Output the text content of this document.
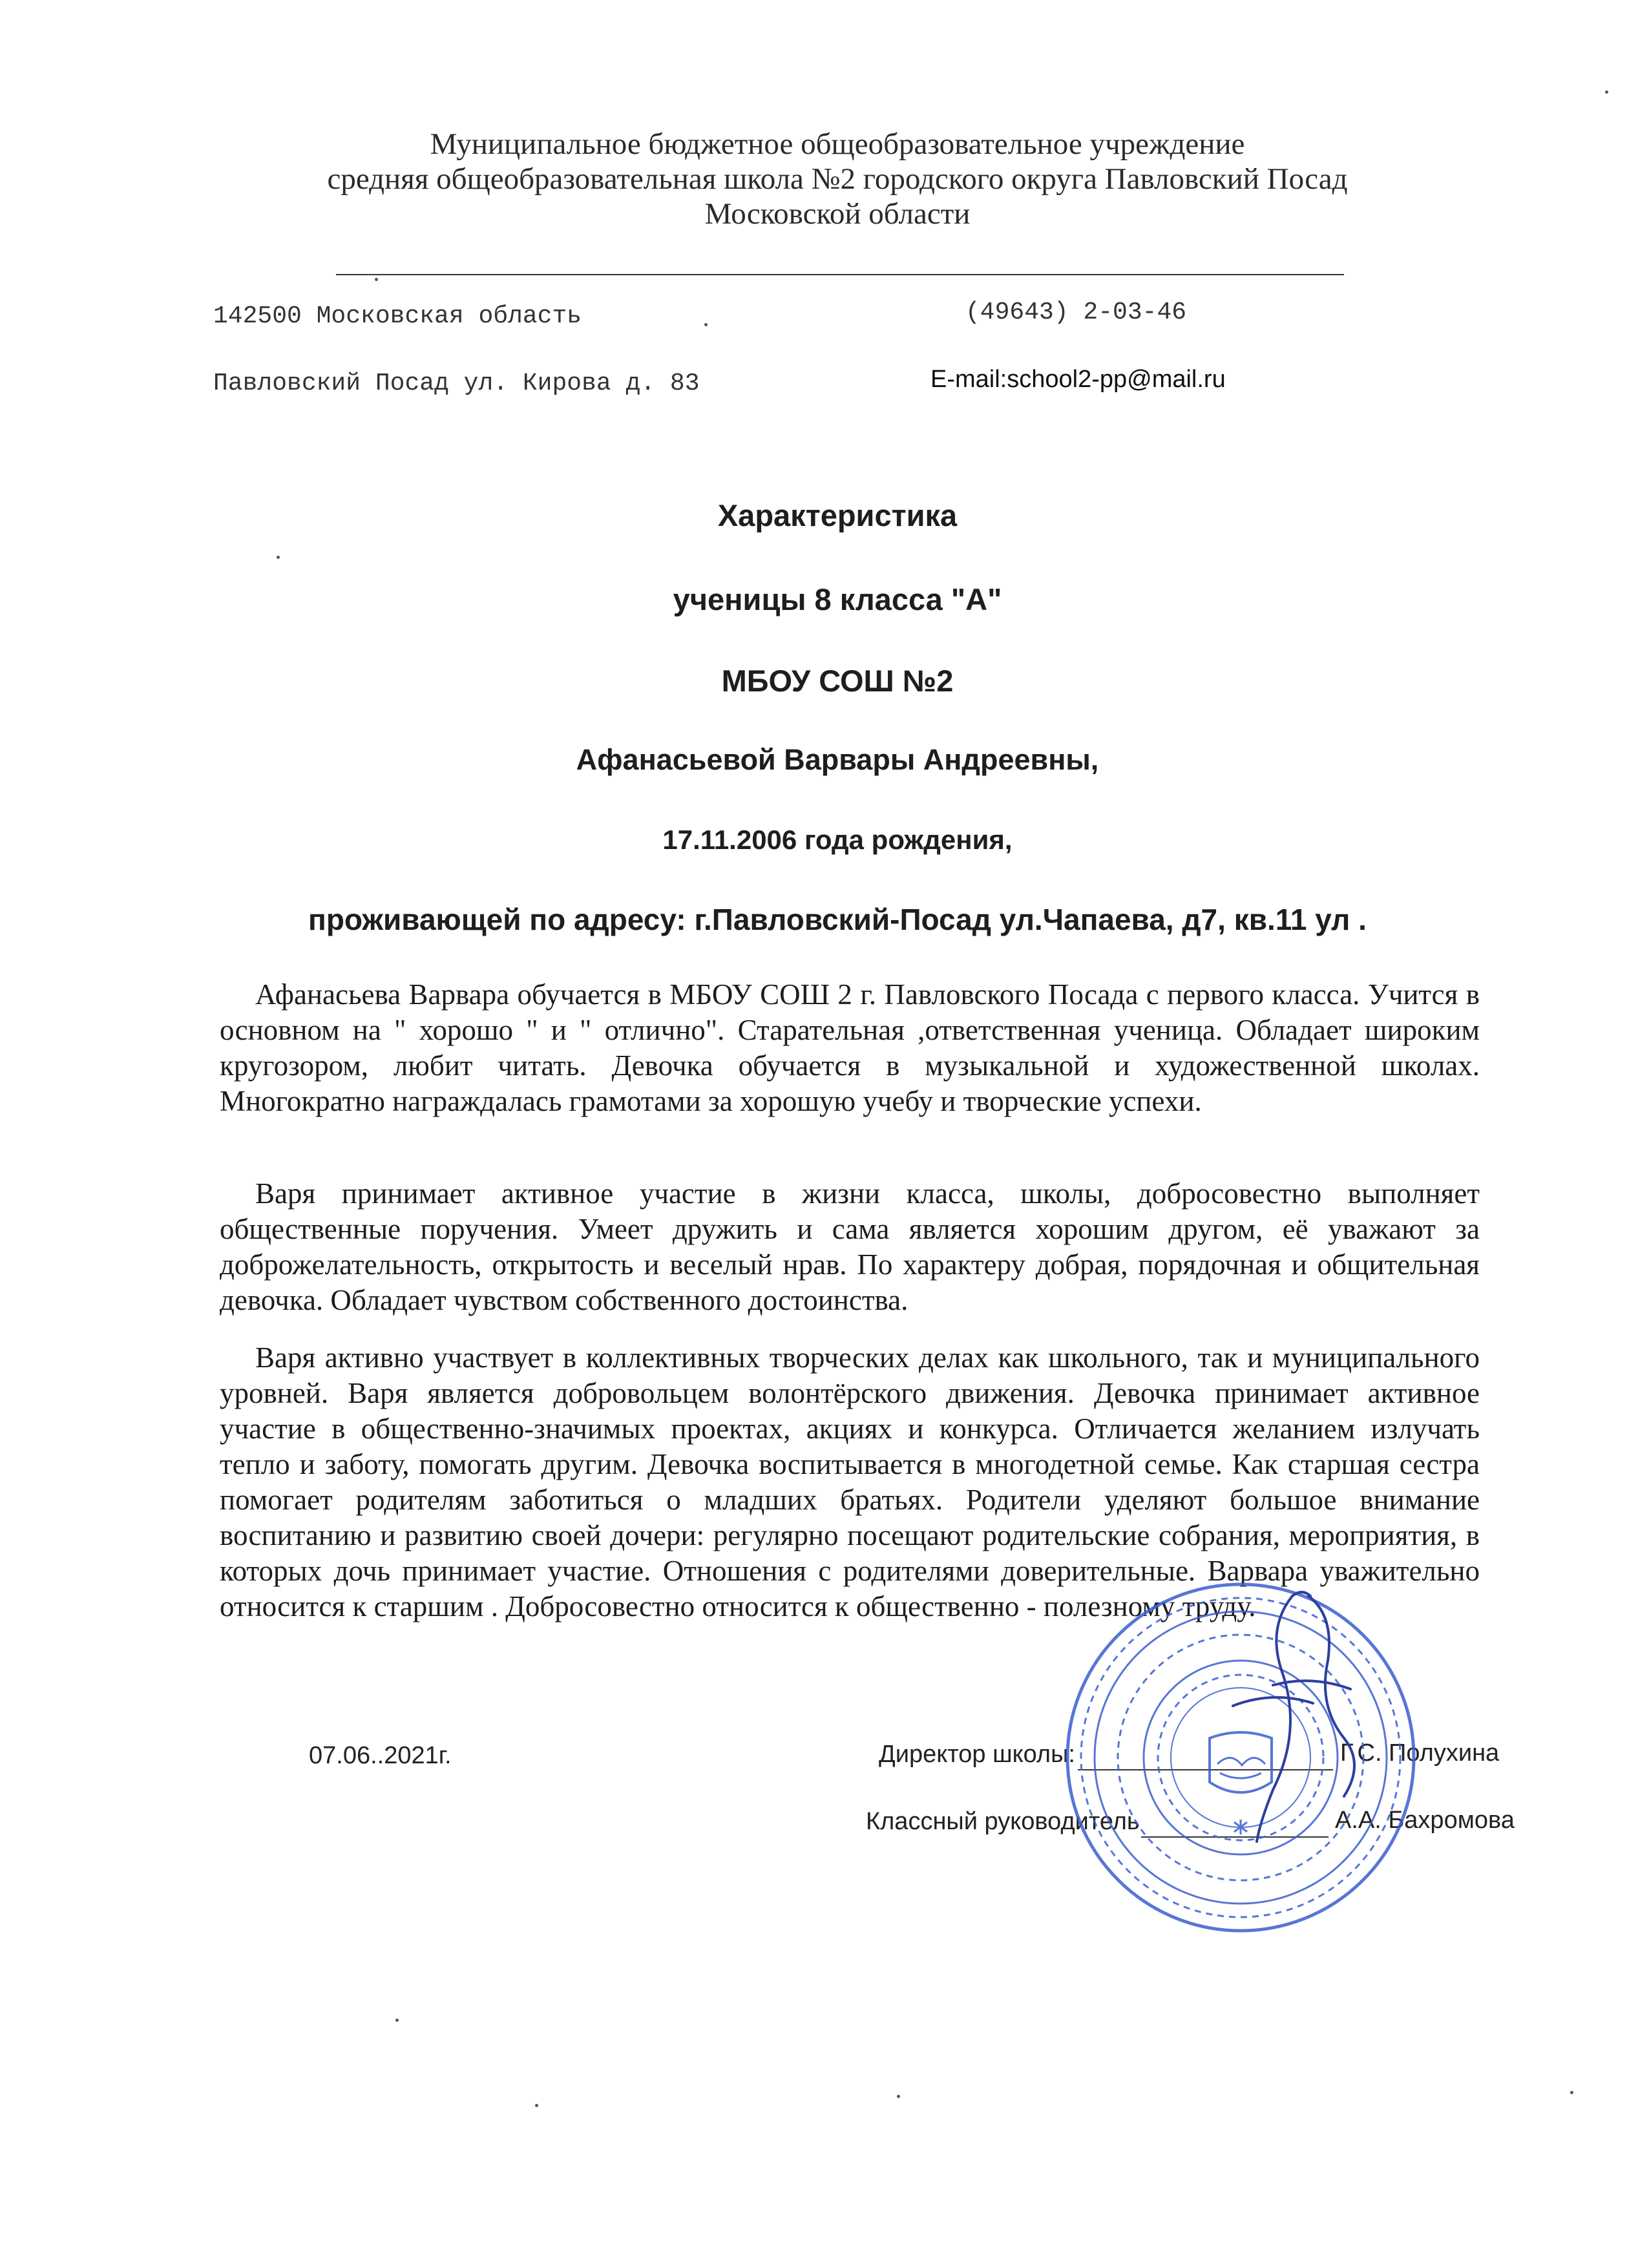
Муниципальное бюджетное общеобразовательное учреждение
средняя общеобразовательная школа №2 городского округа Павловский Посад
Московской области
142500 Московская область	(49643) 2-03-46
Павловский Посад ул. Кирова д. 83	E-mail:school2-pp@mail.ru
Характеристика
ученицы 8 класса "А"
МБОУ СОШ №2
Афанасьевой Варвары Андреевны,
17.11.2006 года рождения,
проживающей по адресу: г.Павловский-Посад ул.Чапаева, д7, кв.11 ул .

Афанасьева Варвара обучается в МБОУ СОШ 2 г. Павловского Посада с первого класса. Учится в основном на " хорошо " и " отлично". Старательная ,ответственная ученица. Обладает широким кругозором, любит читать. Девочка обучается в музыкальной и художественной школах. Многократно награждалась грамотами за хорошую учебу и творческие успехи.

Варя принимает активное участие в жизни класса, школы, добросовестно выполняет общественные поручения. Умеет дружить и сама является хорошим другом, её уважают за доброжелательность, открытость и веселый нрав. По характеру добрая, порядочная и общительная девочка. Обладает чувством собственного достоинства.

Варя активно участвует в коллективных творческих делах как школьного, так и муниципального уровней. Варя является добровольцем волонтёрского движения. Девочка принимает активное участие в общественно-значимых проектах, акциях и конкурса. Отличается желанием излучать тепло и заботу, помогать другим. Девочка воспитывается в многодетной семье. Как старшая сестра помогает родителям заботиться о младших братьях. Родители уделяют большое внимание воспитанию и развитию своей дочери: регулярно посещают родительские собрания, мероприятия, в которых дочь принимает участие. Отношения с родителями доверительные. Варвара уважительно относится к старшим . Добросовестно относится к общественно - полезному труду.

07.06..2021г.	Директор школы:	Г.С. Полухина
Классный руководитель	А.А. Бахромова
